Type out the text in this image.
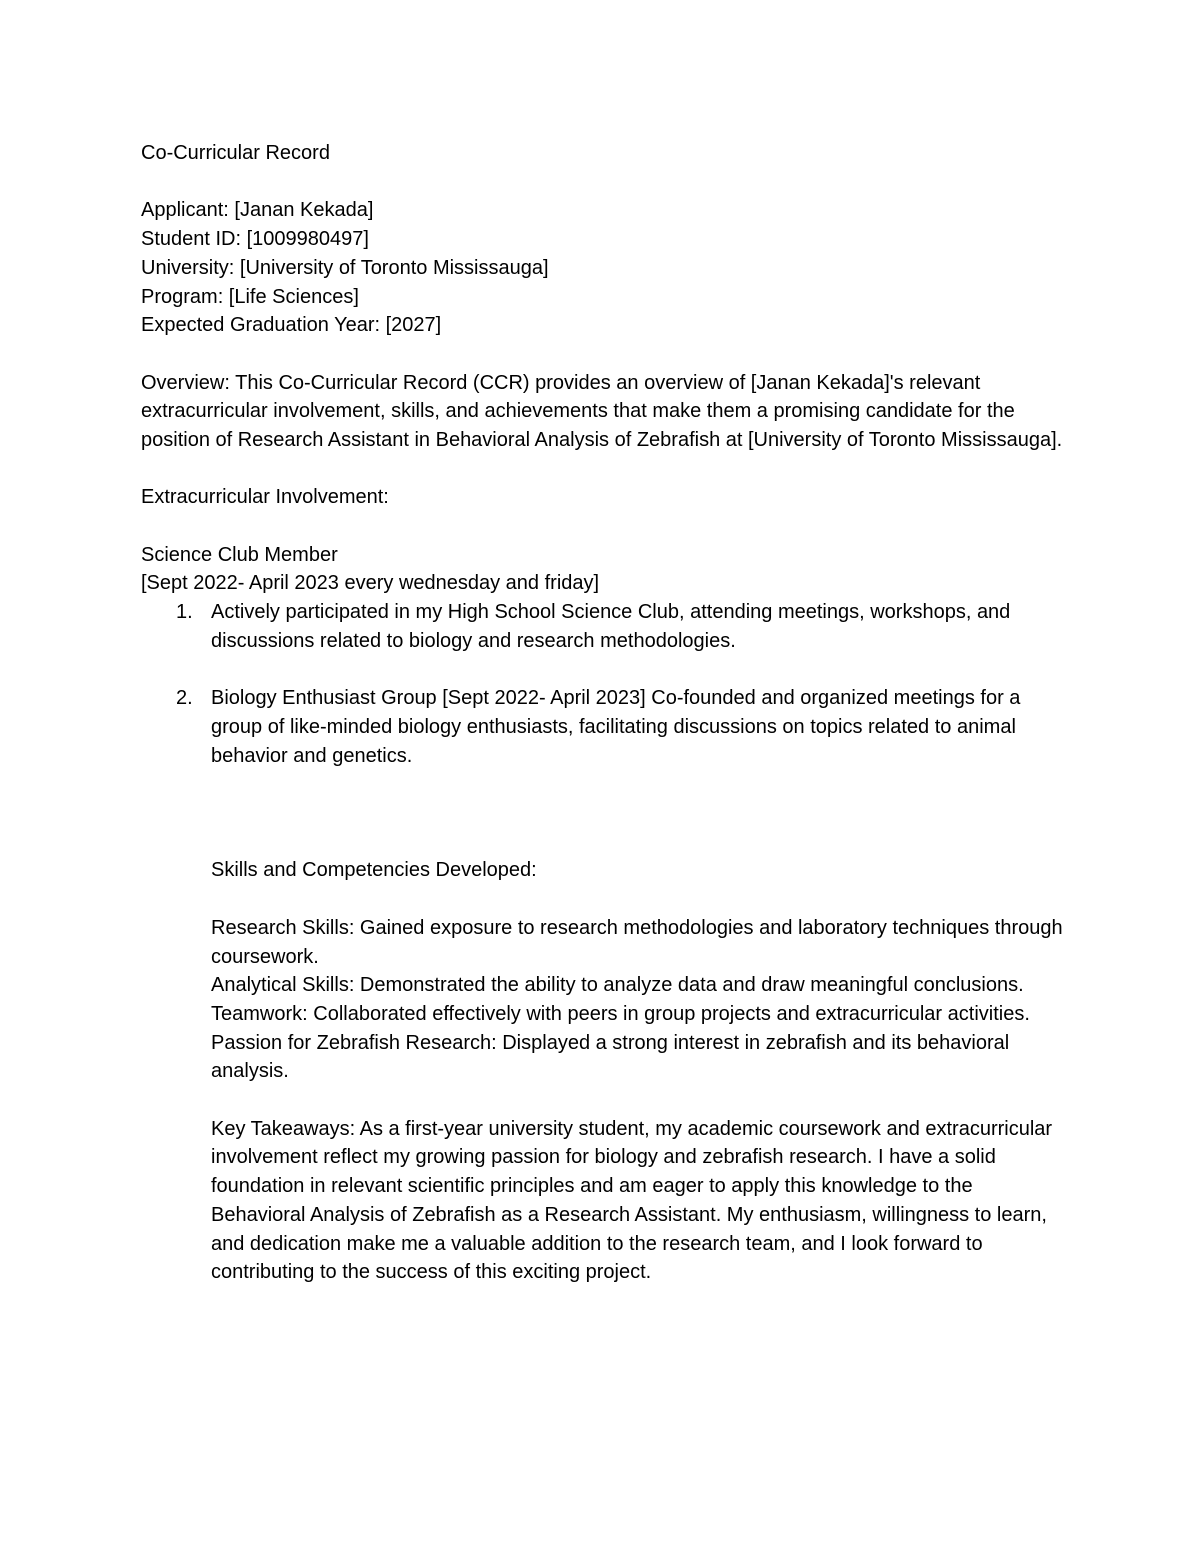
Co-Curricular Record

Applicant: [Janan Kekada]

Student ID: [1009980497]

University: [University of Toronto Mississauga]

Program: [Life Sciences]

Expected Graduation Year: [2027]

Overview: This Co-Curricular Record (CCR) provides an overview of [Janan Kekada]'s relevant extracurricular involvement, skills, and achievements that make them a promising candidate for the position of Research Assistant in Behavioral Analysis of Zebrafish at [University of Toronto Mississauga].

Extracurricular Involvement:

Science Club Member

[Sept 2022- April 2023 every wednesday and friday]

1. Actively participated in my High School Science Club, attending meetings, workshops, and discussions related to biology and research methodologies.
2. Biology Enthusiast Group [Sept 2022- April 2023] Co-founded and organized meetings for a group of like-minded biology enthusiasts, facilitating discussions on topics related to animal behavior and genetics.

Skills and Competencies Developed:

Research Skills: Gained exposure to research methodologies and laboratory techniques through coursework.

Analytical Skills: Demonstrated the ability to analyze data and draw meaningful conclusions.

Teamwork: Collaborated effectively with peers in group projects and extracurricular activities.

Passion for Zebrafish Research: Displayed a strong interest in zebrafish and its behavioral analysis.

Key Takeaways: As a first-year university student, my academic coursework and extracurricular involvement reflect my growing passion for biology and zebrafish research. I have a solid foundation in relevant scientific principles and am eager to apply this knowledge to the Behavioral Analysis of Zebrafish as a Research Assistant. My enthusiasm, willingness to learn, and dedication make me a valuable addition to the research team, and I look forward to contributing to the success of this exciting project.
